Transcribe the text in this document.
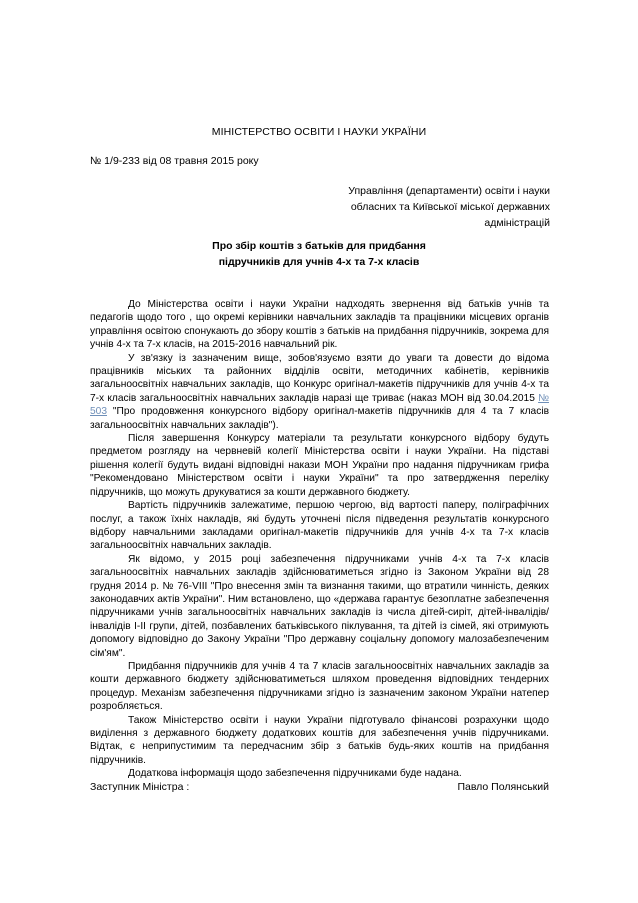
МІНІСТЕРСТВО ОСВІТИ І НАУКИ УКРАЇНИ
№ 1/9-233 від 08 травня 2015 року
Управління (департаменти) освіти і науки
обласних та Київської міської державних
адміністрацій
Про збір коштів з батьків для придбання
підручників для учнів 4-х та 7-х класів

До Міністерства освіти і науки України надходять звернення від батьків учнів та педагогів щодо того , що окремі керівники навчальних закладів та працівники місцевих органів управління освітою спонукають до збору коштів з батьків на придбання підручників, зокрема для учнів 4-х та 7-х класів, на 2015-2016 навчальний рік.

У зв'язку із зазначеним вище, зобов'язуємо взяти до уваги та довести до відома працівників міських та районних відділів освіти, методичних кабінетів, керівників загальноосвітніх навчальних закладів, що Конкурс оригінал-макетів підручників для учнів 4-х та 7-х класів загальноосвітніх навчальних закладів наразі ще триває (наказ МОН від 30.04.2015 № 503 "Про продовження конкурсного відбору оригінал-макетів підручників для 4 та 7 класів загальноосвітніх навчальних закладів").

Після завершення Конкурсу матеріали та результати конкурсного відбору будуть предметом розгляду на червневій колегії Міністерства освіти і науки України. На підставі рішення колегії будуть видані відповідні накази МОН України про надання підручникам грифа "Рекомендовано Міністерством освіти і науки України" та про затвердження переліку підручників, що можуть друкуватися за кошти державного бюджету.

Вартість підручників залежатиме, першою чергою, від вартості паперу, поліграфічних послуг, а також їхніх накладів, які будуть уточнені після підведення результатів конкурсного відбору навчальними закладами оригінал-макетів підручників для учнів 4-х та 7-х класів загальноосвітніх навчальних закладів.

Як відомо, у 2015 році забезпечення підручниками учнів 4-х та 7-х класів загальноосвітніх навчальних закладів здійснюватиметься згідно із Законом України від 28 грудня 2014 р. № 76-VIII "Про внесення змін та визнання такими, що втратили чинність, деяких законодавчих актів України". Ним встановлено, що «держава гарантує безоплатне забезпечення підручниками учнів загальноосвітніх навчальних закладів із числа дітей-сиріт, дітей-інвалідів/інвалідів І-ІІ групи, дітей, позбавлених батьківського піклування, та дітей із сімей, які отримують допомогу відповідно до Закону України "Про державну соціальну допомогу малозабезпеченим сім'ям".

Придбання підручників для учнів 4 та 7 класів загальноосвітніх навчальних закладів за кошти державного бюджету здійснюватиметься шляхом проведення відповідних тендерних процедур. Механізм забезпечення підручниками згідно із зазначеним законом України натепер розробляється.

Також Міністерство освіти і науки України підготувало фінансові розрахунки щодо виділення з державного бюджету додаткових коштів для забезпечення учнів підручниками. Відтак, є неприпустимим та передчасним збір з батьків будь-яких коштів на придбання підручників.

Додаткова інформація щодо забезпечення підручниками буде надана.

Заступник Міністра :	Павло Полянський
